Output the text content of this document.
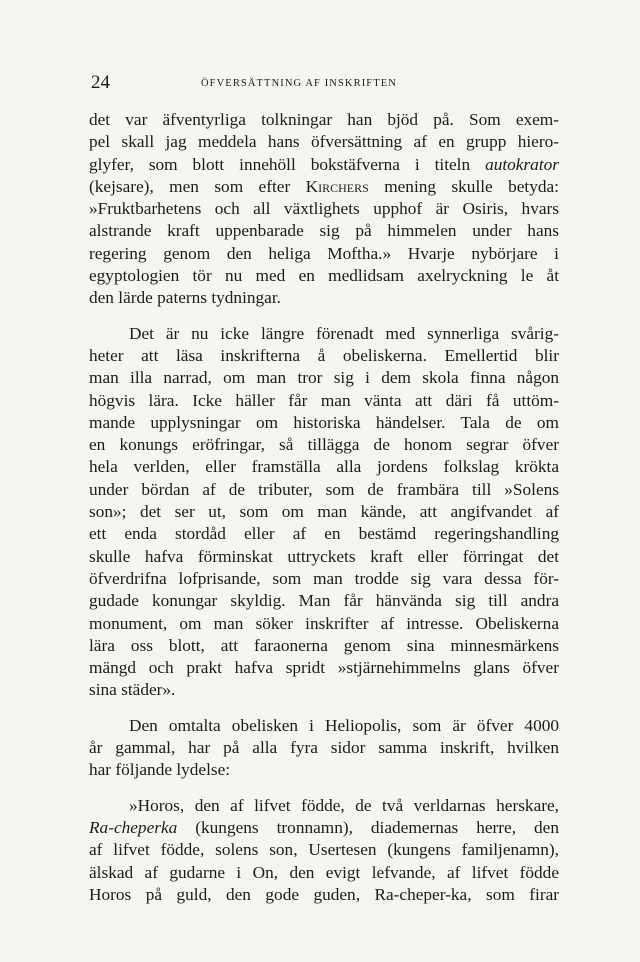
24	ÖFVERSÄTTNING AF INSKRIFTEN
det var äfventyrliga tolkningar han bjöd på. Som exem-
pel skall jag meddela hans öfversättning af en grupp hiero-
glyfer, som blott innehöll bokstäfverna i titeln autokrator
(kejsare), men som efter Kirchers mening skulle betyda:
»Fruktbarhetens och all växtlighets upphof är Osiris, hvars
alstrande kraft uppenbarade sig på himmelen under hans
regering genom den heliga Moftha.» Hvarje nybörjare i
egyptologien tör nu med en medlidsam axelryckning le åt
den lärde paterns tydningar.
Det är nu icke längre förenadt med synnerliga svårig-
heter att läsa inskrifterna å obeliskerna. Emellertid blir
man illa narrad, om man tror sig i dem skola finna någon
högvis lära. Icke häller får man vänta att däri få uttöm-
mande upplysningar om historiska händelser. Tala de om
en konungs eröfringar, så tillägga de honom segrar öfver
hela verlden, eller framställa alla jordens folkslag krökta
under bördan af de tributer, som de frambära till »Solens
son»; det ser ut, som om man kände, att angifvandet af
ett enda stordåd eller af en bestämd regeringshandling
skulle hafva förminskat uttryckets kraft eller förringat det
öfverdrifna lofprisande, som man trodde sig vara dessa för-
gudade konungar skyldig. Man får hänvända sig till andra
monument, om man söker inskrifter af intresse. Obeliskerna
lära oss blott, att faraonerna genom sina minnesmärkens
mängd och prakt hafva spridt »stjärnehimmelns glans öfver
sina städer».
Den omtalta obelisken i Heliopolis, som är öfver 4000
år gammal, har på alla fyra sidor samma inskrift, hvilken
har följande lydelse:
»Horos, den af lifvet födde, de två verldarnas herskare,
Ra-cheperka (kungens tronnamn), diademernas herre, den
af lifvet födde, solens son, Usertesen (kungens familjenamn),
älskad af gudarne i On, den evigt lefvande, af lifvet födde
Horos på guld, den gode guden, Ra-cheper-ka, som firar
